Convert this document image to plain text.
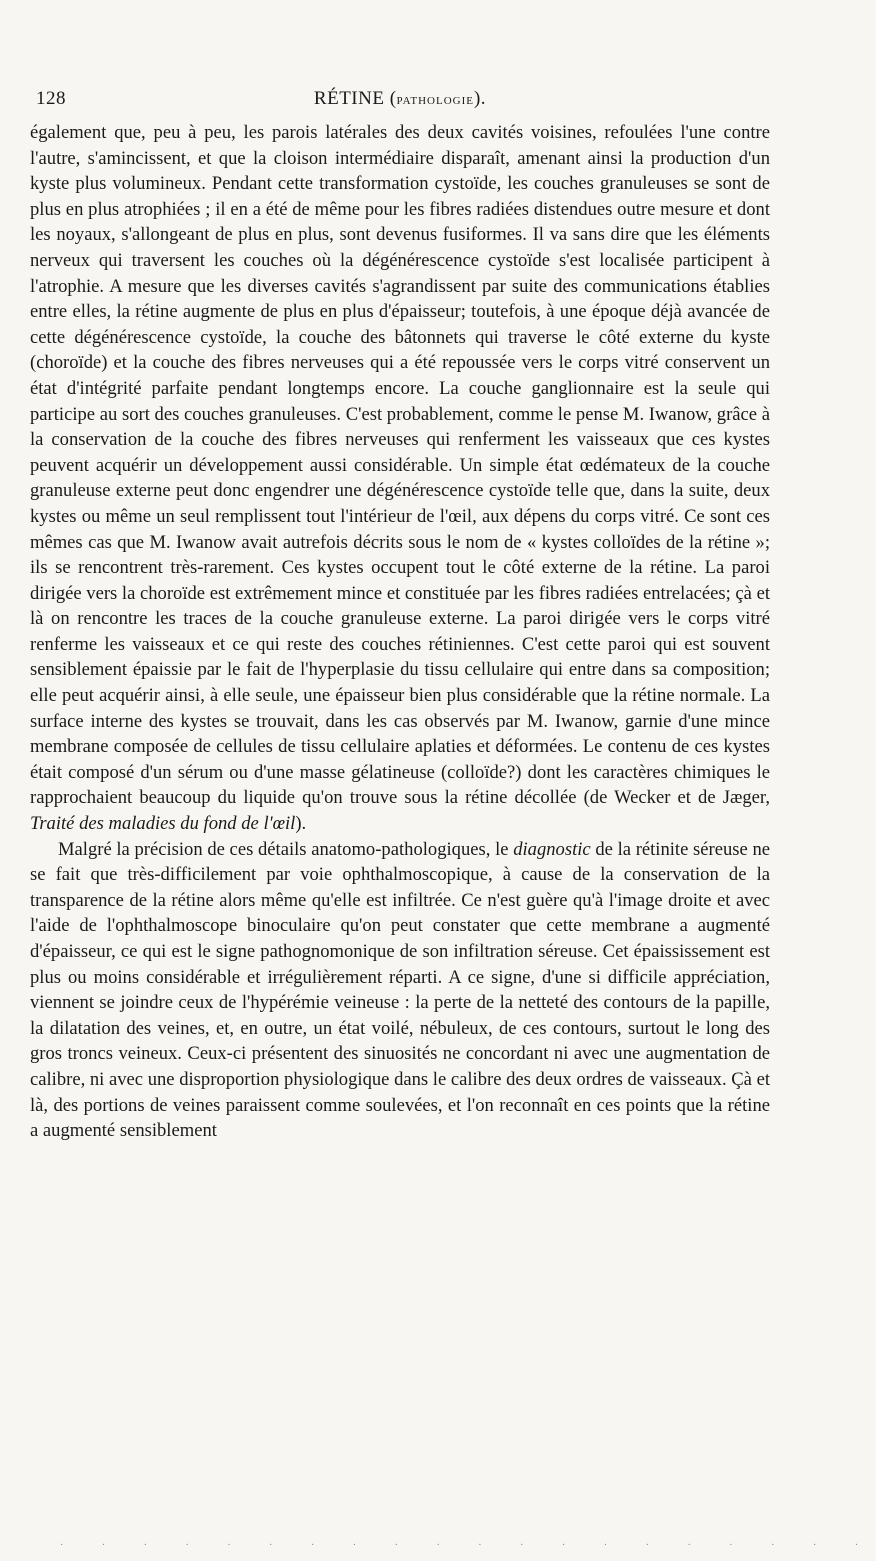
128	RÉTINE (pathologie).

également que, peu à peu, les parois latérales des deux cavités voisines, refoulées l'une contre l'autre, s'amincissent, et que la cloison intermédiaire disparaît, amenant ainsi la production d'un kyste plus volumineux. Pendant cette transformation cystoïde, les couches granuleuses se sont de plus en plus atrophiées ; il en a été de même pour les fibres radiées distendues outre mesure et dont les noyaux, s'allongeant de plus en plus, sont devenus fusiformes. Il va sans dire que les éléments nerveux qui traversent les couches où la dégénérescence cystoïde s'est localisée participent à l'atrophie. A mesure que les diverses cavités s'agrandissent par suite des communications établies entre elles, la rétine augmente de plus en plus d'épaisseur; toutefois, à une époque déjà avancée de cette dégénérescence cystoïde, la couche des bâtonnets qui traverse le côté externe du kyste (choroïde) et la couche des fibres nerveuses qui a été repoussée vers le corps vitré conservent un état d'intégrité parfaite pendant longtemps encore. La couche ganglionnaire est la seule qui participe au sort des couches granuleuses. C'est probablement, comme le pense M. Iwanow, grâce à la conservation de la couche des fibres nerveuses qui renferment les vaisseaux que ces kystes peuvent acquérir un développement aussi considérable. Un simple état œdémateux de la couche granuleuse externe peut donc engendrer une dégénérescence cystoïde telle que, dans la suite, deux kystes ou même un seul remplissent tout l'intérieur de l'œil, aux dépens du corps vitré. Ce sont ces mêmes cas que M. Iwanow avait autrefois décrits sous le nom de « kystes colloïdes de la rétine »; ils se rencontrent très-rarement. Ces kystes occupent tout le côté externe de la rétine. La paroi dirigée vers la choroïde est extrêmement mince et constituée par les fibres radiées entrelacées; çà et là on rencontre les traces de la couche granuleuse externe. La paroi dirigée vers le corps vitré renferme les vaisseaux et ce qui reste des couches rétiniennes. C'est cette paroi qui est souvent sensiblement épaissie par le fait de l'hyperplasie du tissu cellulaire qui entre dans sa composition; elle peut acquérir ainsi, à elle seule, une épaisseur bien plus considérable que la rétine normale. La surface interne des kystes se trouvait, dans les cas observés par M. Iwanow, garnie d'une mince membrane composée de cellules de tissu cellulaire aplaties et déformées. Le contenu de ces kystes était composé d'un sérum ou d'une masse gélatineuse (colloïde?) dont les caractères chimiques le rapprochaient beaucoup du liquide qu'on trouve sous la rétine décollée (de Wecker et de Jæger, Traité des maladies du fond de l'œil).

Malgré la précision de ces détails anatomo-pathologiques, le diagnostic de la rétinite séreuse ne se fait que très-difficilement par voie ophthalmoscopique, à cause de la conservation de la transparence de la rétine alors même qu'elle est infiltrée. Ce n'est guère qu'à l'image droite et avec l'aide de l'ophthalmoscope binoculaire qu'on peut constater que cette membrane a augmenté d'épaisseur, ce qui est le signe pathognomonique de son infiltration séreuse. Cet épaississement est plus ou moins considérable et irrégulièrement réparti. A ce signe, d'une si difficile appréciation, viennent se joindre ceux de l'hypérémie veineuse : la perte de la netteté des contours de la papille, la dilatation des veines, et, en outre, un état voilé, nébuleux, de ces contours, surtout le long des gros troncs veineux. Ceux-ci présentent des sinuosités ne concordant ni avec une augmentation de calibre, ni avec une disproportion physiologique dans le calibre des deux ordres de vaisseaux. Çà et là, des portions de veines paraissent comme soulevées, et l'on reconnaît en ces points que la rétine a augmenté sensiblement

· · · · · · · · · · · · · · · · · · · ·
